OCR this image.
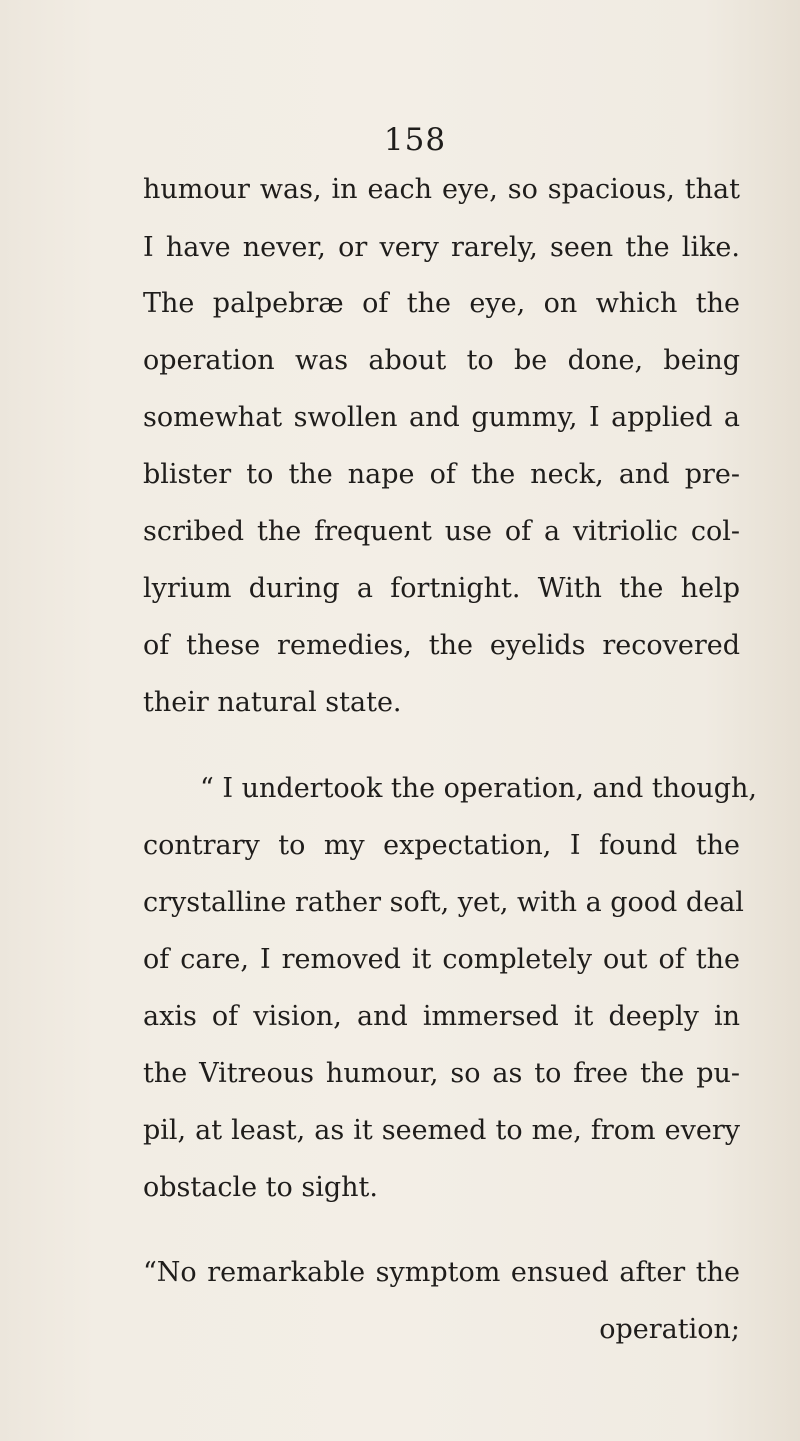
158
humour was, in each eye, so spacious, that
I have never, or very rarely, seen the like.
The palpebræ of the eye, on which the
operation was about to be done, being
somewhat swollen and gummy, I applied a
blister to the nape of the neck, and pre-
scribed the frequent use of a vitriolic col-
lyrium during a fortnight. With the help
of these remedies, the eyelids recovered
their natural state.
“ I undertook the operation, and though,
contrary to my expectation, I found the
crystalline rather soft, yet, with a good deal
of care, I removed it completely out of the
axis of vision, and immersed it deeply in
the Vitreous humour, so as to free the pu-
pil, at least, as it seemed to me, from every
obstacle to sight.
“No remarkable symptom ensued after the
operation;
